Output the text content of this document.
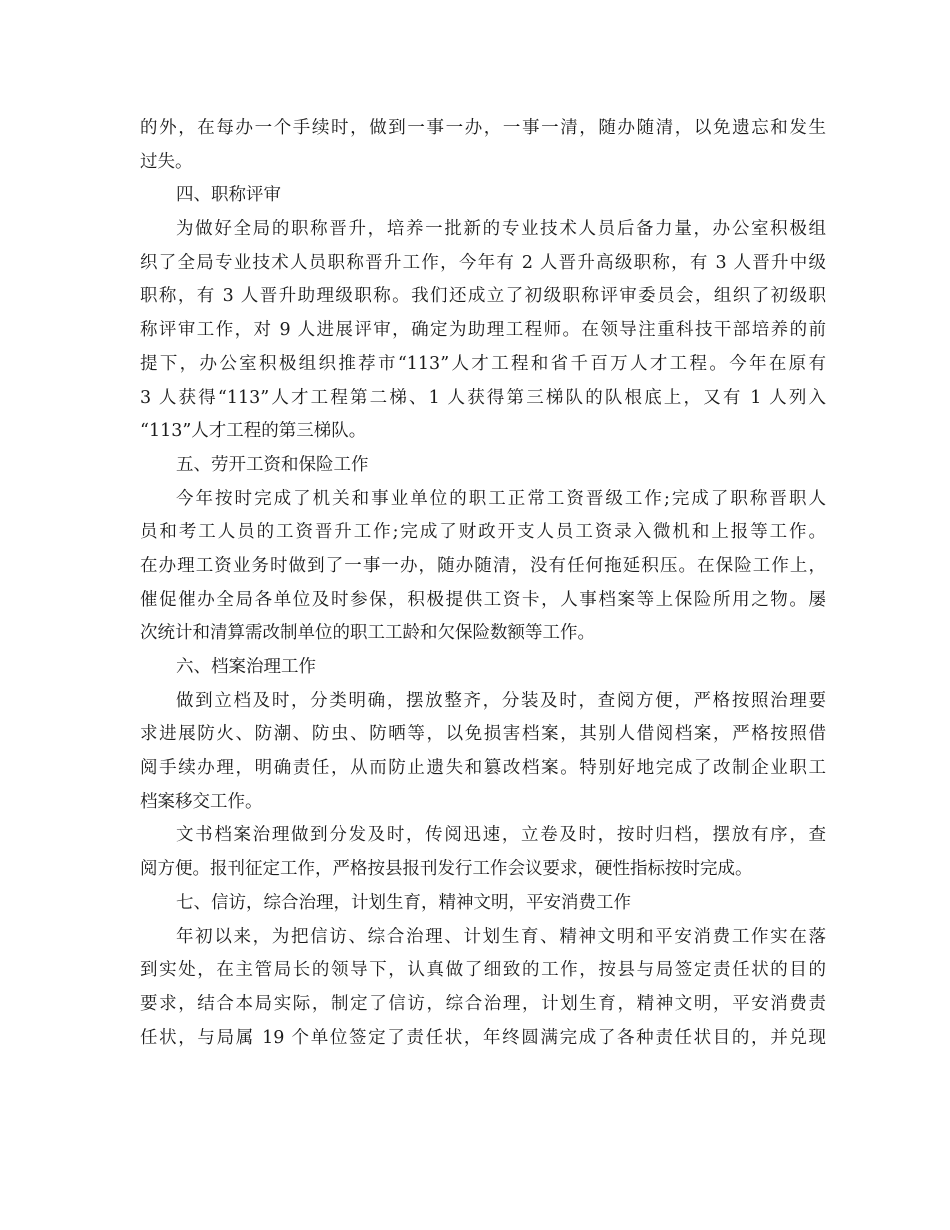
的外，在每办一个手续时，做到一事一办，一事一清，随办随清，以免遗忘和发生
过失。
四、职称评审
为做好全局的职称晋升，培养一批新的专业技术人员后备力量，办公室积极组
织了全局专业技术人员职称晋升工作，今年有 2 人晋升高级职称，有 3 人晋升中级
职称，有 3 人晋升助理级职称。我们还成立了初级职称评审委员会，组织了初级职
称评审工作，对 9 人进展评审，确定为助理工程师。在领导注重科技干部培养的前
提下，办公室积极组织推荐市“113”人才工程和省千百万人才工程。今年在原有
3 人获得“113”人才工程第二梯、1 人获得第三梯队的队根底上，又有 1 人列入
“113”人才工程的第三梯队。
五、劳开工资和保险工作
今年按时完成了机关和事业单位的职工正常工资晋级工作;完成了职称晋职人
员和考工人员的工资晋升工作;完成了财政开支人员工资录入微机和上报等工作。
在办理工资业务时做到了一事一办，随办随清，没有任何拖延积压。在保险工作上，
催促催办全局各单位及时参保，积极提供工资卡，人事档案等上保险所用之物。屡
次统计和清算需改制单位的职工工龄和欠保险数额等工作。
六、档案治理工作
做到立档及时，分类明确，摆放整齐，分装及时，查阅方便，严格按照治理要
求进展防火、防潮、防虫、防晒等，以免损害档案，其别人借阅档案，严格按照借
阅手续办理，明确责任，从而防止遗失和篡改档案。特别好地完成了改制企业职工
档案移交工作。
文书档案治理做到分发及时，传阅迅速，立卷及时，按时归档，摆放有序，查
阅方便。报刊征定工作，严格按县报刊发行工作会议要求，硬性指标按时完成。
七、信访，综合治理，计划生育，精神文明，平安消费工作
年初以来，为把信访、综合治理、计划生育、精神文明和平安消费工作实在落
到实处，在主管局长的领导下，认真做了细致的工作，按县与局签定责任状的目的
要求，结合本局实际，制定了信访，综合治理，计划生育，精神文明，平安消费责
任状，与局属 19 个单位签定了责任状，年终圆满完成了各种责任状目的，并兑现
